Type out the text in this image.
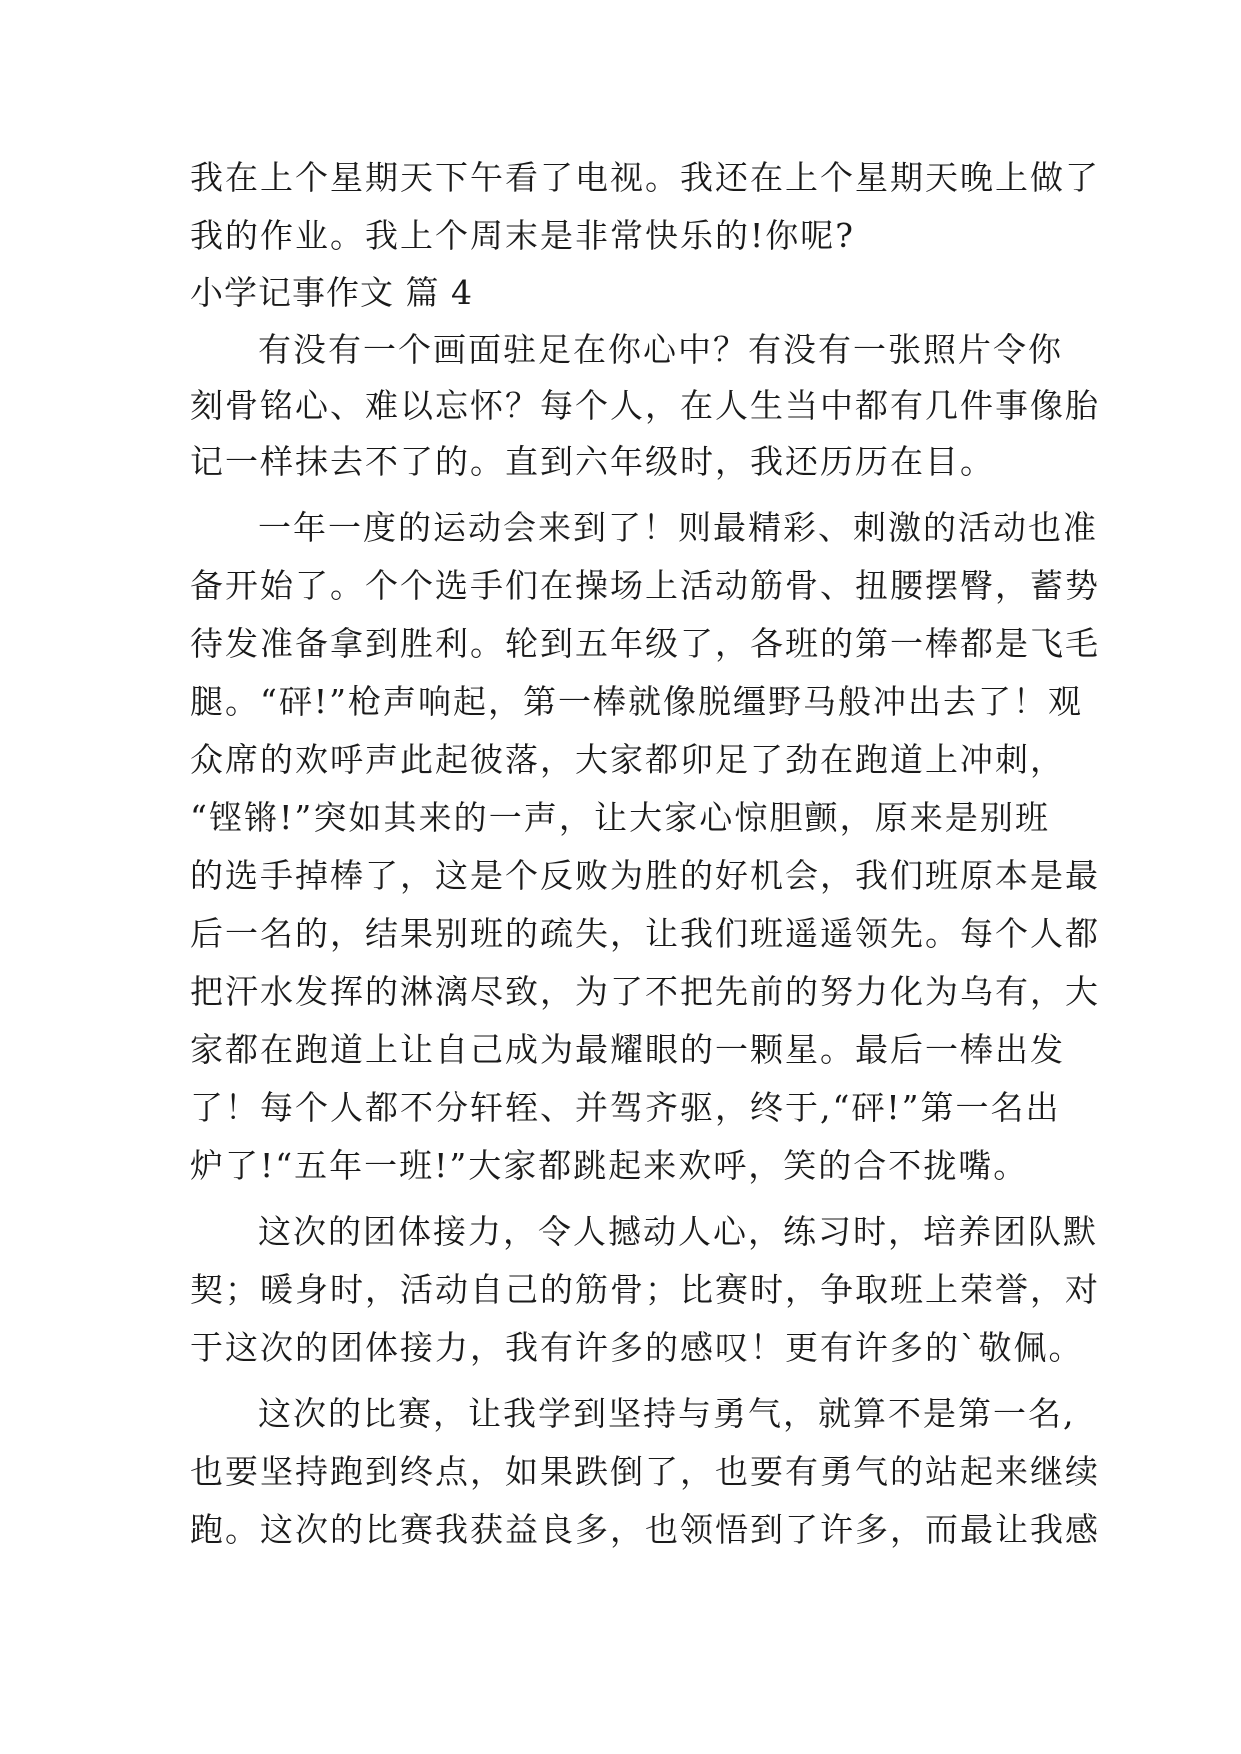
我在上个星期天下午看了电视。我还在上个星期天晚上做了
我的作业。我上个周末是非常快乐的!你呢?
小学记事作文 篇 4
有没有一个画面驻足在你心中？有没有一张照片令你
刻骨铭心、难以忘怀？每个人，在人生当中都有几件事像胎
记一样抹去不了的。直到六年级时，我还历历在目。
一年一度的运动会来到了！则最精彩、刺激的活动也准
备开始了。个个选手们在操场上活动筋骨、扭腰摆臀，蓄势
待发准备拿到胜利。轮到五年级了，各班的第一棒都是飞毛
腿。“砰!”枪声响起，第一棒就像脱缰野马般冲出去了！观
众席的欢呼声此起彼落，大家都卯足了劲在跑道上冲刺，
“铿锵!”突如其来的一声，让大家心惊胆颤，原来是别班
的选手掉棒了，这是个反败为胜的好机会，我们班原本是最
后一名的，结果别班的疏失，让我们班遥遥领先。每个人都
把汗水发挥的淋漓尽致，为了不把先前的努力化为乌有，大
家都在跑道上让自己成为最耀眼的一颗星。最后一棒出发
了！每个人都不分轩轾、并驾齐驱，终于,“砰!”第一名出
炉了!“五年一班!”大家都跳起来欢呼，笑的合不拢嘴。
这次的团体接力，令人撼动人心，练习时，培养团队默
契；暖身时，活动自己的筋骨；比赛时，争取班上荣誉，对
于这次的团体接力，我有许多的感叹！更有许多的`敬佩。
这次的比赛，让我学到坚持与勇气，就算不是第一名,
也要坚持跑到终点，如果跌倒了，也要有勇气的站起来继续
跑。这次的比赛我获益良多，也领悟到了许多，而最让我感
